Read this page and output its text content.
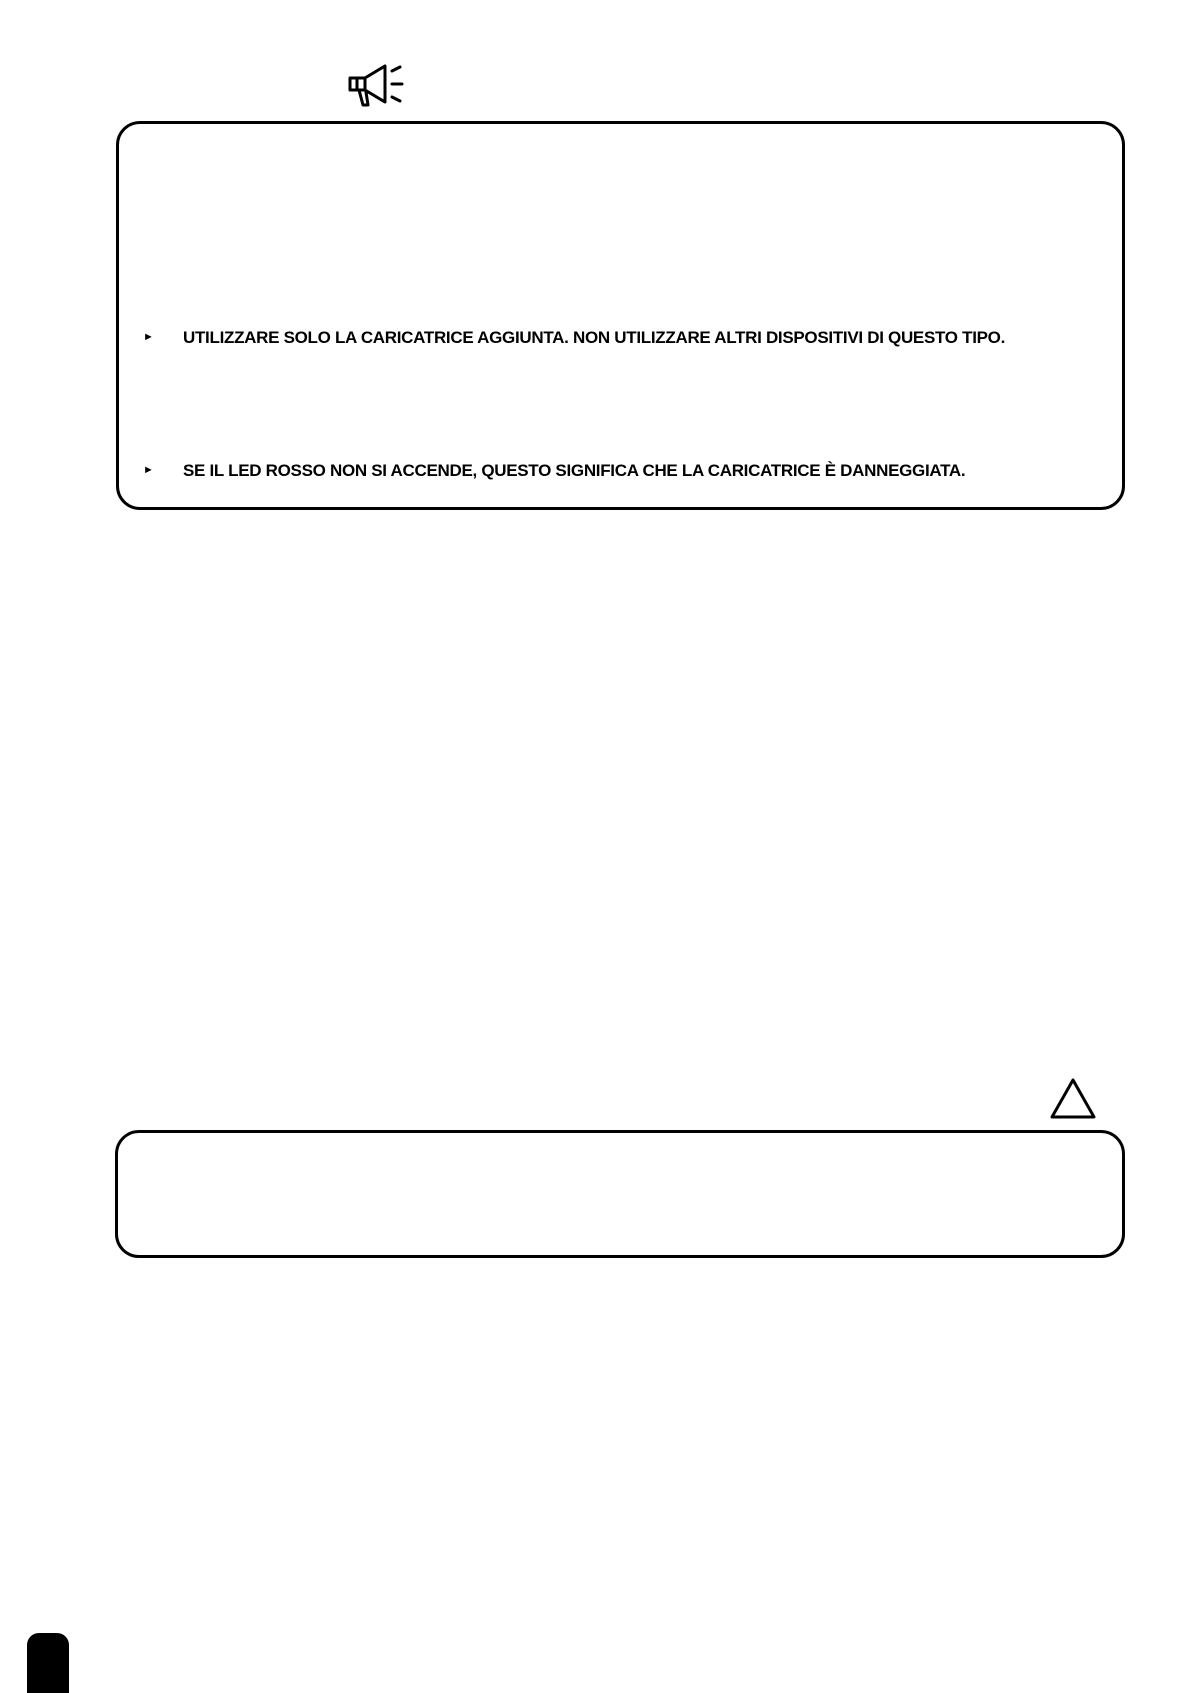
►	UTILIZZARE SOLO LA CARICATRICE AGGIUNTA. NON UTILIZZARE ALTRI DISPOSITIVI DI QUESTO TIPO.
►	SE IL LED ROSSO NON SI ACCENDE, QUESTO SIGNIFICA CHE LA CARICATRICE È DANNEGGIATA.
